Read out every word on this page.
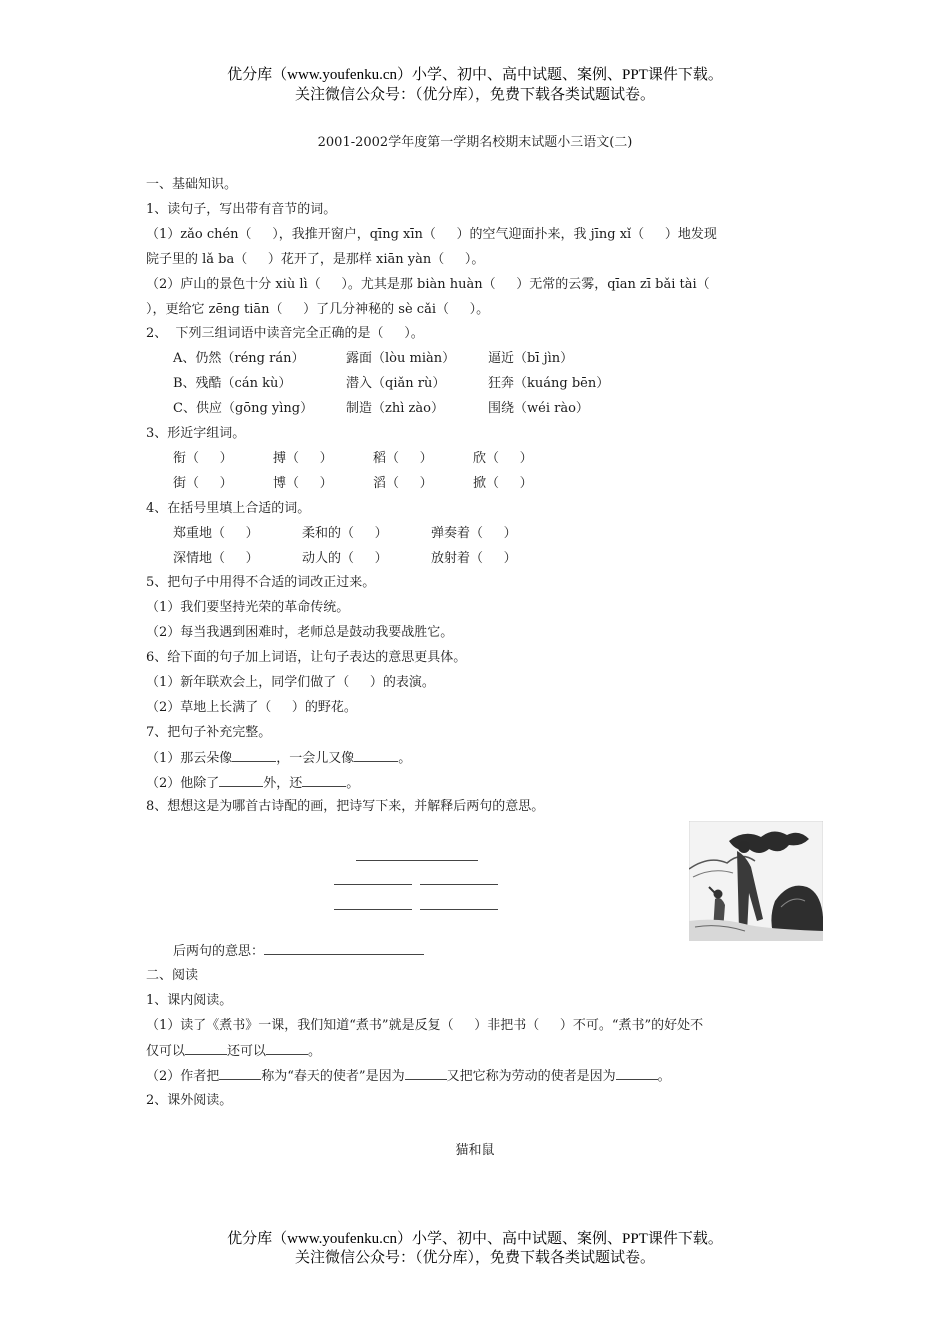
优分库（www.youfenku.cn）小学、初中、高中试题、案例、PPT课件下载。
关注微信公众号：（优分库），免费下载各类试题试卷。
2001-2002学年度第一学期名校期末试题小三语文(二)
一、基础知识。
1、读句子，写出带有音节的词。
（1）zǎo chén（     ），我推开窗户，qīng xīn（     ）的空气迎面扑来，我 jīng xǐ（     ）地发现
院子里的 lǎ ba（     ）花开了，是那样 xiān yàn（     ）。
（2）庐山的景色十分 xiù lì（     ）。尤其是那 biàn huàn（     ）无常的云雾，qīan zī bǎi tài（
），更给它 zēng tiān（     ）了几分神秘的 sè cǎi（     ）。
2、  下列三组词语中读音完全正确的是（     ）。
A、仍然（réng rán）	露面（lòu miàn）	逼近（bī jìn）
B、残酷（cán kù）	潜入（qiǎn rù）	狂奔（kuáng bēn）
C、供应（gōng yìng）	制造（zhì zào）	围绕（wéi rào）
3、形近字组词。
衔（     ）	搏（     ）	稻（     ）	欣（     ）
街（     ）	博（     ）	滔（     ）	掀（     ）
4、在括号里填上合适的词。
郑重地（     ）	柔和的（     ）	弹奏着（     ）
深情地（     ）	动人的（     ）	放射着（     ）
5、把句子中用得不合适的词改正过来。
（1）我们要坚持光荣的革命传统。
（2）每当我遇到困难时，老师总是鼓动我要战胜它。
6、给下面的句子加上词语，让句子表达的意思更具体。
（1）新年联欢会上，同学们做了（     ）的表演。
（2）草地上长满了（     ）的野花。
7、把句子补充完整。
（1）那云朵像	，一会儿又像	。
（2）他除了	外，还	。
8、想想这是为哪首古诗配的画，把诗写下来，并解释后两句的意思。
后两句的意思：
二、阅读
1、课内阅读。
（1）读了《煮书》一课，我们知道“煮书”就是反复（     ）非把书（     ）不可。“煮书”的好处不
仅可以	还可以	。
（2）作者把	称为“春天的使者”是因为	又把它称为劳动的使者是因为	。
2、课外阅读。
猫和鼠
优分库（www.youfenku.cn）小学、初中、高中试题、案例、PPT课件下载。
关注微信公众号：（优分库），免费下载各类试题试卷。
